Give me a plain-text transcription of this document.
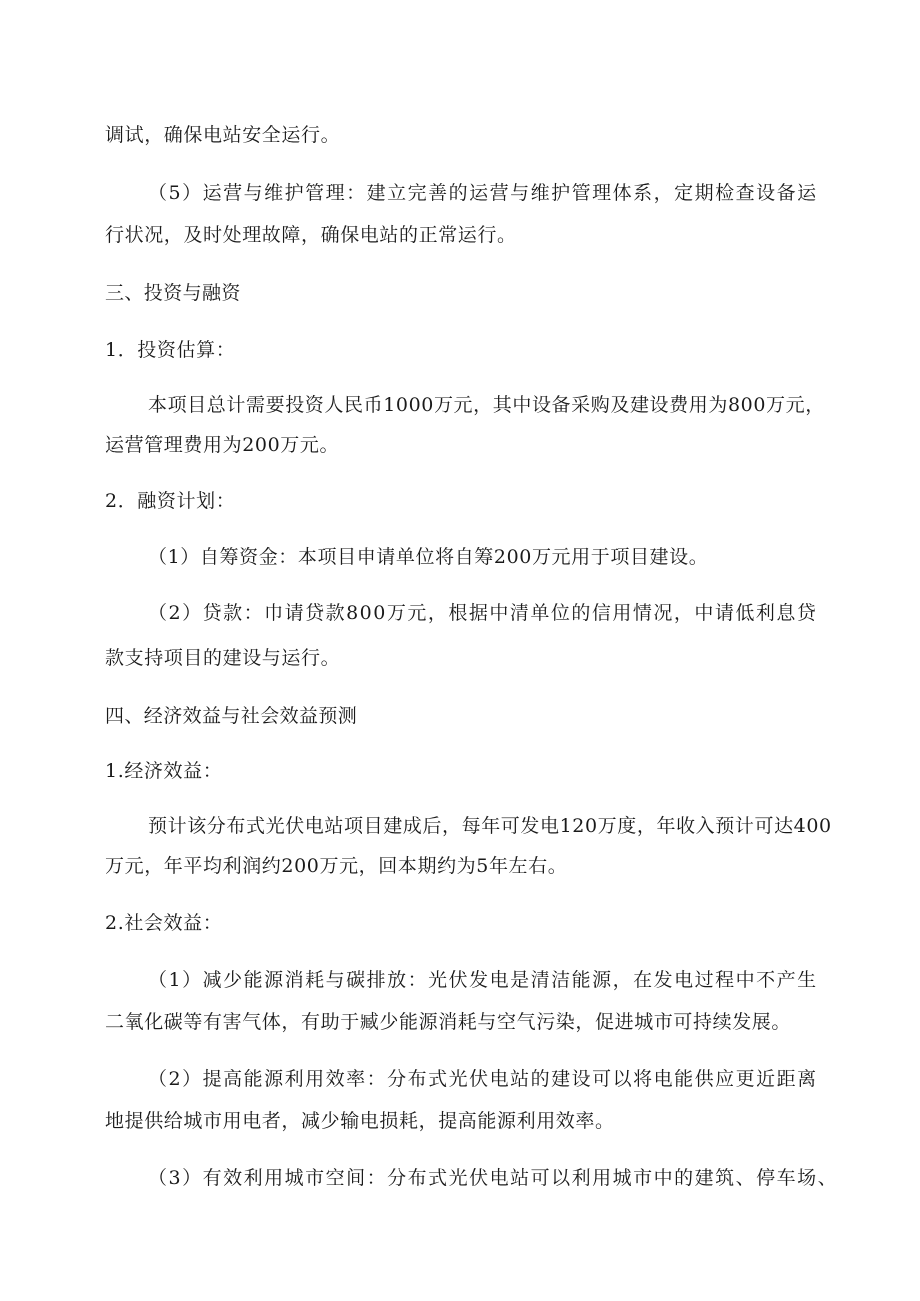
调试，确保电站安全运行。
（5）运营与维护管理：建立完善的运营与维护管理体系，定期检查设备运
行状况，及时处理故障，确保电站的正常运行。
三、投资与融资
1．投资估算：
本项目总计需要投资人民币1000万元，其中设备采购及建设费用为800万元，
运营管理费用为200万元。
2．融资计划：
（1）自筹资金：本项目申请单位将自筹200万元用于项目建设。
（2）贷款：巾请贷款800万元，根据中清单位的信用情况，中请低利息贷
款支持项目的建设与运行。
四、经济效益与社会效益预测
1.经济效益：
预计该分布式光伏电站项目建成后，每年可发电120万度，年收入预计可达400
万元，年平均利润约200万元，回本期约为5年左右。
2.社会效益：
（1）减少能源消耗与碳排放：光伏发电是清洁能源，在发电过程中不产生
二氧化碳等有害气体，有助于臧少能源消耗与空气污染，促进城市可持续发展。
（2）提高能源利用效率：分布式光伏电站的建设可以将电能供应更近距离
地提供给城市用电者，减少输电损耗，提高能源利用效率。
（3）有效利用城市空间：分布式光伏电站可以利用城市中的建筑、停车场、
